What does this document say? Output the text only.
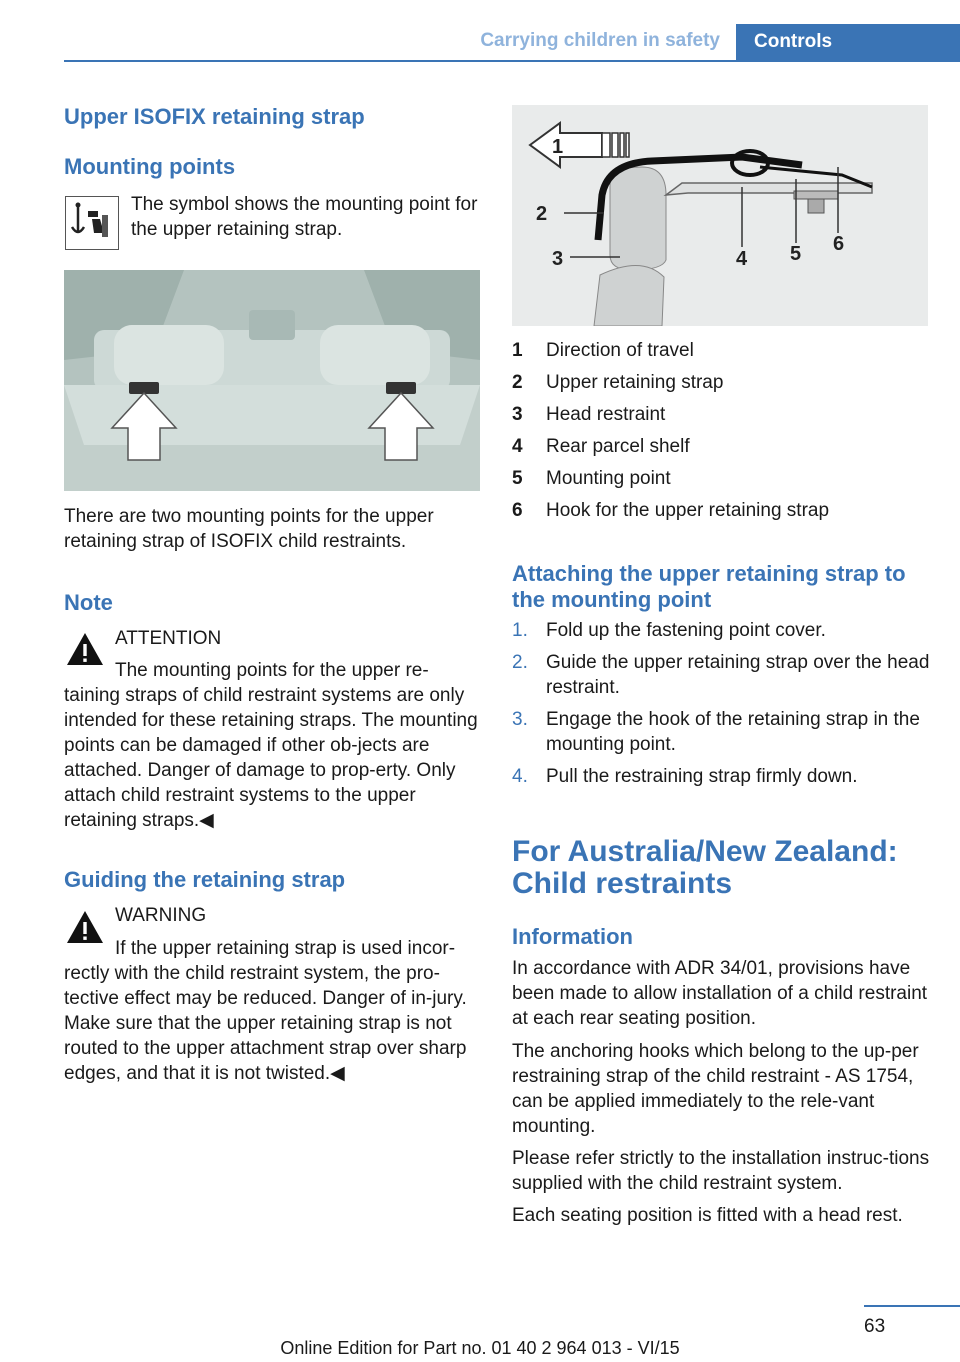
Carrying children in safety	Controls
Upper ISOFIX retaining strap
Mounting points

The symbol shows the mounting point for the upper retaining strap.

There are two mounting points for the upper retaining strap of ISOFIX child restraints.

Note

ATTENTION

The mounting points for the upper re-taining straps of child restraint systems are only intended for these retaining straps. The mounting points can be damaged if other ob-jects are attached. Danger of damage to prop-erty. Only attach child restraint systems to the upper retaining straps.◀

Guiding the retaining strap

WARNING

If the upper retaining strap is used incor-rectly with the child restraint system, the pro-tective effect may be reduced. Danger of in-jury. Make sure that the upper retaining strap is not routed to the upper attachment strap over sharp edges, and that it is not twisted.◀

1
2
3	4 5 6
1	Direction of travel
2	Upper retaining strap
3	Head restraint
4	Rear parcel shelf
5	Mounting point
6	Hook for the upper retaining strap
Attaching the upper retaining strap to the mounting point
1. Fold up the fastening point cover.
2. Guide the upper retaining strap over the head restraint.
3. Engage the hook of the retaining strap in the mounting point.
4. Pull the restraining strap firmly down.
For Australia/New Zealand: Child restraints
Information

In accordance with ADR 34/01, provisions have been made to allow installation of a child restraint at each rear seating position.

The anchoring hooks which belong to the up-per restraining strap of the child restraint - AS 1754, can be applied immediately to the rele-vant mounting.

Please refer strictly to the installation instruc-tions supplied with the child restraint system.

Each seating position is fitted with a head rest.

63
Online Edition for Part no. 01 40 2 964 013 - VI/15
